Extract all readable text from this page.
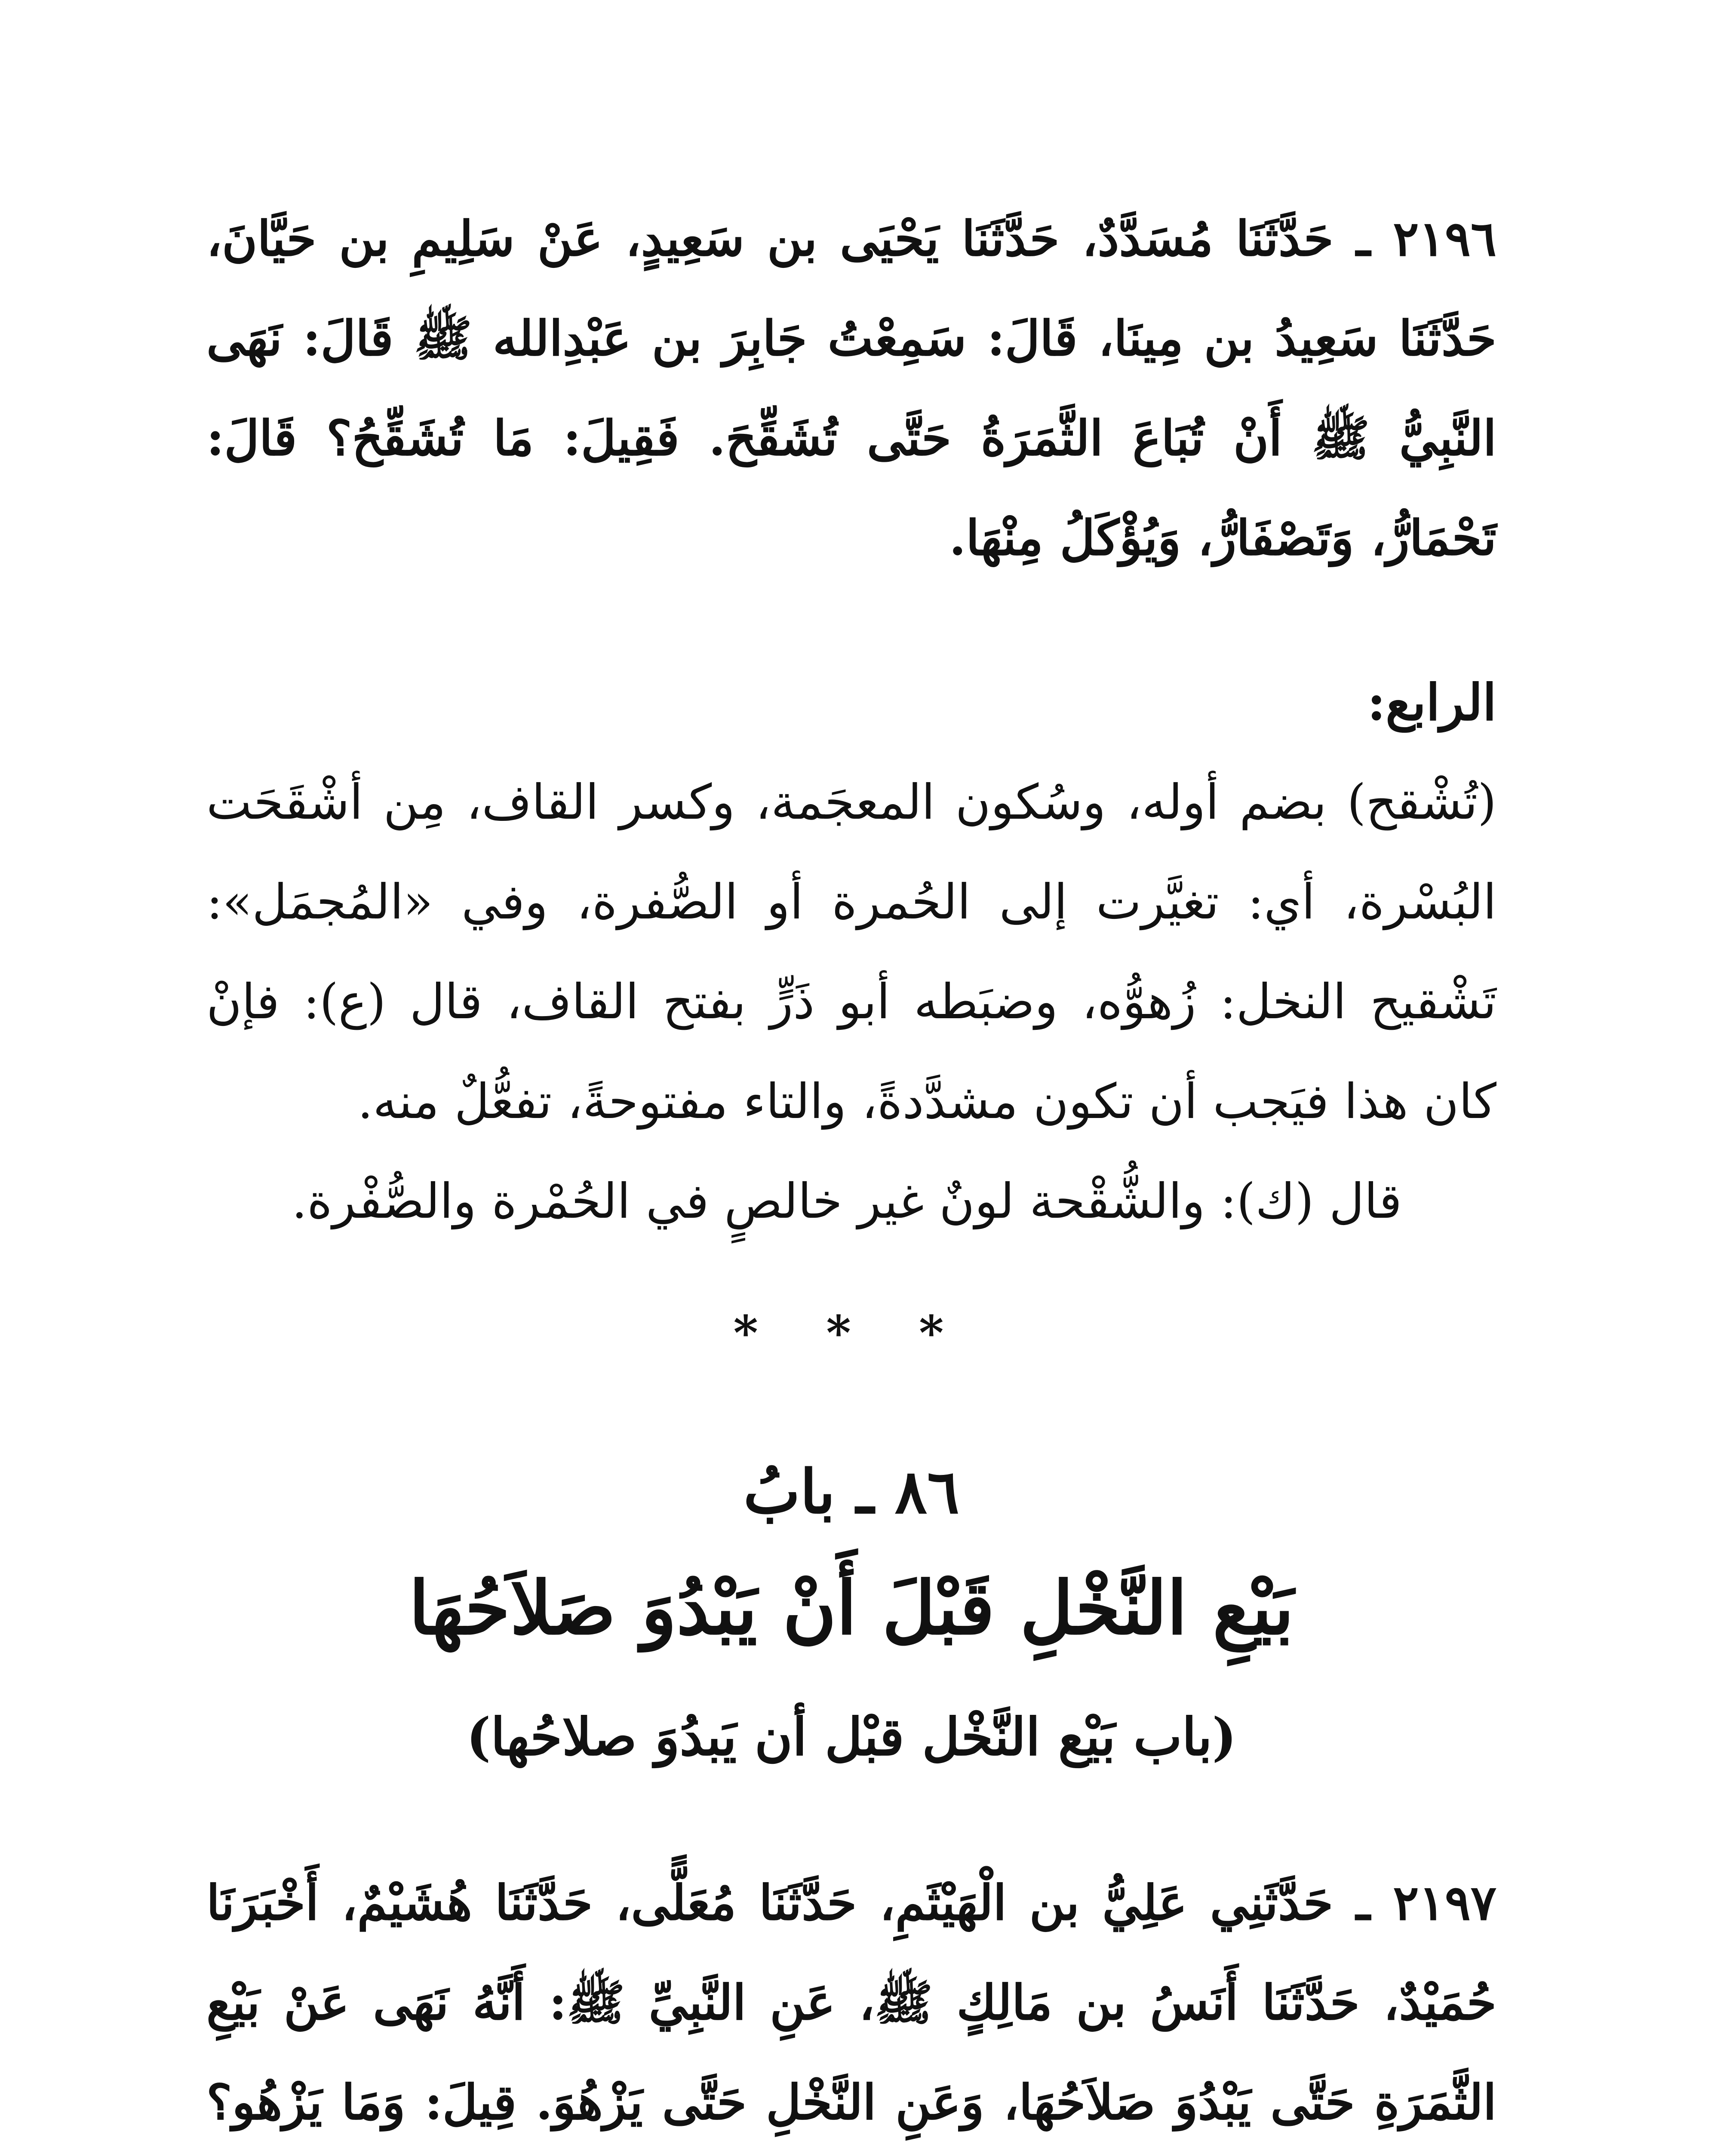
٢١٩٦ ـ حَدَّثَنَا مُسَدَّدٌ، حَدَّثَنَا يَحْيَى بن سَعِيدٍ، عَنْ سَلِيمِ بن حَيَّانَ، حَدَّثَنَا سَعِيدُ بن مِينَا، قَالَ: سَمِعْتُ جَابِرَ بن عَبْدِالله ﷺ قَالَ: نَهَى النَّبِيُّ ﷺ أَنْ تُبَاعَ الثَّمَرَةُ حَتَّى تُشَقِّحَ. فَقِيلَ: مَا تُشَقِّحُ؟ قَالَ: تَحْمَارُّ، وَتَصْفَارُّ، وَيُؤْكَلُ مِنْهَا.

الرابع:

(تُشْقح) بضم أوله، وسُكون المعجَمة، وكسر القاف، مِن أشْقَحَت البُسْرة، أي: تغيَّرت إلى الحُمرة أو الصُّفرة، وفي «المُجمَل»: تَشْقيح النخل: زُهوُّه، وضبَطه أبو ذَرٍّ بفتح القاف، قال (ع): فإنْ كان هذا فيَجب أن تكون مشدَّدةً، والتاء مفتوحةً، تفعُّلٌ منه.

قال (ك): والشُّقْحة لونٌ غير خالصٍ في الحُمْرة والصُّفْرة.

* * *
٨٦ ـ بابُ
بَيْعِ النَّخْلِ قَبْلَ أَنْ يَبْدُوَ صَلاَحُهَا
(باب بَيْع النَّخْل قبْل أن يَبدُوَ صلاحُها)

٢١٩٧ ـ حَدَّثَنِي عَلِيُّ بن الْهَيْثَمِ، حَدَّثَنَا مُعَلًّى، حَدَّثَنَا هُشَيْمٌ، أَخْبَرَنَا حُمَيْدٌ، حَدَّثَنَا أَنَسُ بن مَالِكٍ ﷺ، عَنِ النَّبِيِّ ﷺ: أَنَّهُ نَهَى عَنْ بَيْعِ الثَّمَرَةِ حَتَّى يَبْدُوَ صَلاَحُهَا، وَعَنِ النَّخْلِ حَتَّى يَزْهُوَ. قِيلَ: وَمَا يَزْهُو؟
